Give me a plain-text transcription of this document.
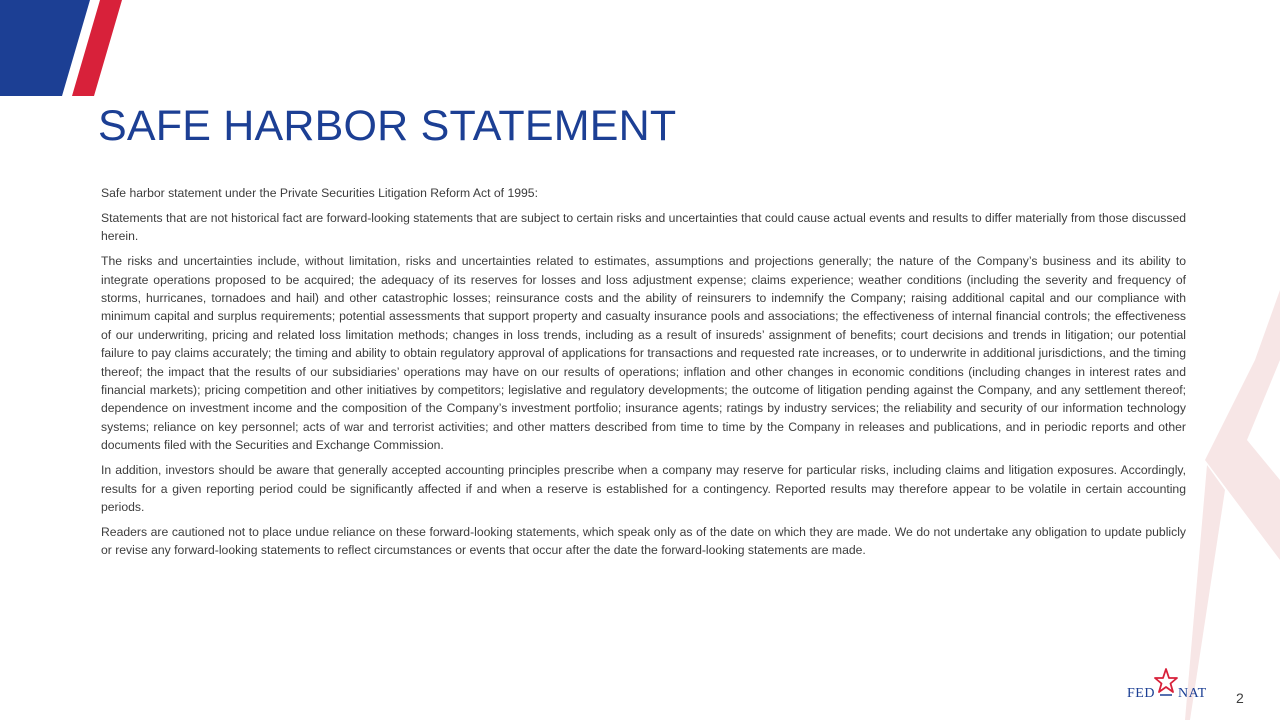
SAFE HARBOR STATEMENT

Safe harbor statement under the Private Securities Litigation Reform Act of 1995:

Statements that are not historical fact are forward-looking statements that are subject to certain risks and uncertainties that could cause actual events and results to differ materially from those discussed herein.

The risks and uncertainties include, without limitation, risks and uncertainties related to estimates, assumptions and projections generally; the nature of the Company’s business and its ability to integrate operations proposed to be acquired; the adequacy of its reserves for losses and loss adjustment expense; claims experience; weather conditions (including the severity and frequency of storms, hurricanes, tornadoes and hail) and other catastrophic losses; reinsurance costs and the ability of reinsurers to indemnify the Company; raising additional capital and our compliance with minimum capital and surplus requirements; potential assessments that support property and casualty insurance pools and associations; the effectiveness of internal financial controls; the effectiveness of our underwriting, pricing and related loss limitation methods; changes in loss trends, including as a result of insureds’ assignment of benefits; court decisions and trends in litigation; our potential failure to pay claims accurately; the timing and ability to obtain regulatory approval of applications for transactions and requested rate increases, or to underwrite in additional jurisdictions, and the timing thereof; the impact that the results of our subsidiaries’ operations may have on our results of operations; inflation and other changes in economic conditions (including changes in interest rates and financial markets); pricing competition and other initiatives by competitors; legislative and regulatory developments; the outcome of litigation pending against the Company, and any settlement thereof; dependence on investment income and the composition of the Company’s investment portfolio; insurance agents; ratings by industry services; the reliability and security of our information technology systems; reliance on key personnel; acts of war and terrorist activities; and other matters described from time to time by the Company in releases and publications, and in periodic reports and other documents filed with the Securities and Exchange Commission.

In addition, investors should be aware that generally accepted accounting principles prescribe when a company may reserve for particular risks, including claims and litigation exposures. Accordingly, results for a given reporting period could be significantly affected if and when a reserve is established for a contingency. Reported results may therefore appear to be volatile in certain accounting periods.

Readers are cautioned not to place undue reliance on these forward-looking statements, which speak only as of the date on which they are made. We do not undertake any obligation to update publicly or revise any forward-looking statements to reflect circumstances or events that occur after the date the forward-looking statements are made.

FED NAT 2
